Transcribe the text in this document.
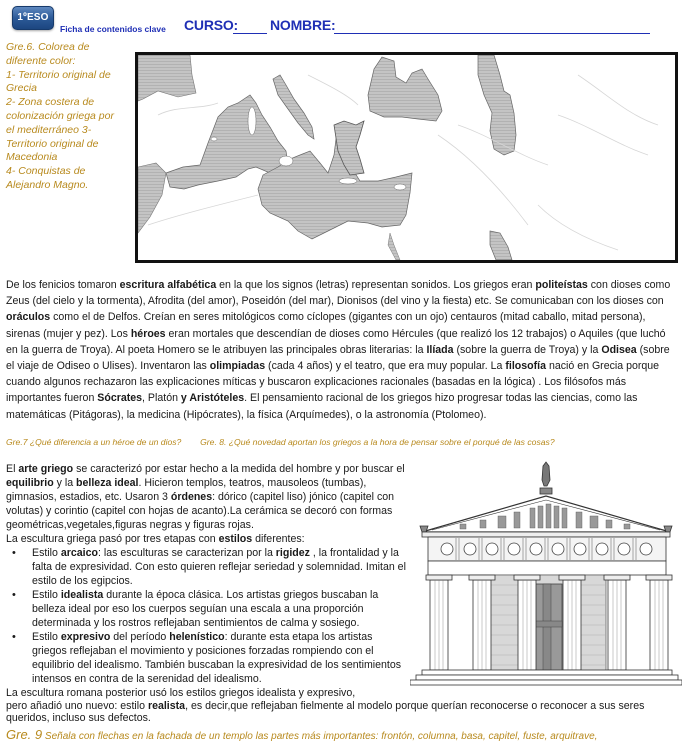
1ºESO
Ficha de contenidos clave CURSO: NOMBRE:
Gre.6. Colorea de
diferente color:
1- Territorio original de
Grecia
2- Zona costera de
colonización griega por
el mediterráneo 3-
Territorio original de
Macedonia
4- Conquistas de
Alejandro Magno.
De los fenicios tomaron escritura alfabética en la que los signos (letras) representan sonidos. Los griegos eran politeístas con dioses como Zeus (del cielo y la tormenta), Afrodita (del amor), Poseidón (del mar), Dionisos (del vino y la fiesta) etc. Se comunicaban con los dioses con oráculos como el de Delfos. Creían en seres mitológicos como cíclopes (gigantes con un ojo) centauros (mitad caballo, mitad persona), sirenas (mujer y pez). Los héroes eran mortales que descendían de dioses como Hércules (que realizó los 12 trabajos) o Aquiles (que luchó en la guerra de Troya). Al poeta Homero se le atribuyen las principales obras literarias: la Ilíada (sobre la guerra de Troya) y la Odisea (sobre el viaje de Odiseo o Ulises). Inventaron las olimpiadas (cada 4 años) y el teatro, que era muy popular. La filosofía nació en Grecia porque cuando algunos rechazaron las explicaciones míticas y buscaron explicaciones racionales (basadas en la lógica) . Los filósofos más importantes fueron Sócrates, Platón y Aristóteles. El pensamiento racional de los griegos hizo progresar todas las ciencias, como las matemáticas (Pitágoras), la medicina (Hipócrates), la física (Arquímedes), o la astronomía (Ptolomeo).
Gre.7 ¿Qué diferencia a un héroe de un dios? Gre. 8. ¿Qué novedad aportan los griegos a la hora de pensar sobre el porqué de las cosas?
El arte griego se caracterizó por estar hecho a la medida del hombre y por buscar el equilibrio y la belleza ideal. Hicieron templos, teatros, mausoleos (tumbas), gimnasios, estadios, etc. Usaron 3 órdenes: dórico (capitel liso) jónico (capitel con volutas) y corintio (capitel con hojas de acanto).La cerámica se decoró con formas geométricas,vegetales,figuras negras y figuras rojas.
La escultura griega pasó por tres etapas con estilos diferentes:
• Estilo arcaico: las esculturas se caracterizan por la rigidez , la frontalidad y la falta de expresividad. Con esto quieren reflejar seriedad y solemnidad. Imitan el estilo de los egipcios.
• Estilo idealista durante la época clásica. Los artistas griegos buscaban la belleza ideal por eso los cuerpos seguían una escala a una proporción determinada y los rostros reflejaban sentimientos de calma y sosiego.
• Estilo expresivo del período helenístico: durante esta etapa los artistas griegos reflejaban el movimiento y posiciones forzadas rompiendo con el equilibrio del idealismo. También buscaban la expresividad de los sentimientos intensos en contra de la serenidad del idealismo.
La escultura romana posterior usó los estilos griegos idealista y expresivo,
pero añadió uno nuevo: estilo realista, es decir,que reflejaban fielmente al modelo porque querían reconocerse o reconocer a sus seres queridos, incluso sus defectos.
Gre. 9 Señala con flechas en la fachada de un templo las partes más importantes: frontón, columna, basa, capitel, fuste, arquitrave,
